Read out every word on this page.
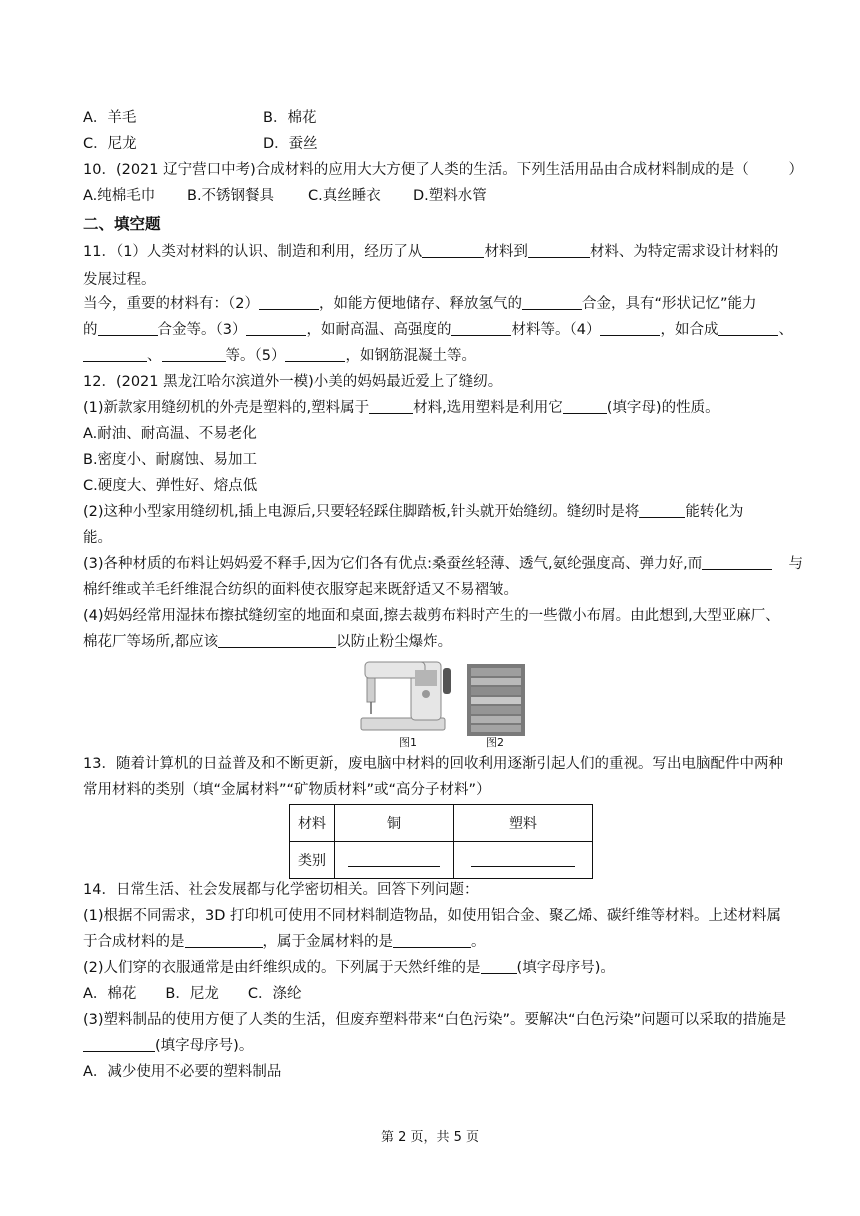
A．羊毛	B．棉花
C．尼龙	D．蚕丝
10．(2021 辽宁营口中考)合成材料的应用大大方便了人类的生活。下列生活用品由合成材料制成的是（	）
A.纯棉毛巾 B.不锈钢餐具 C.真丝睡衣 D.塑料水管
二、填空题
11．（1）人类对材料的认识、制造和利用，经历了从	材料到	材料、为特定需求设计材料的
发展过程。
当今，重要的材料有：（2）	，如能方便地储存、释放氢气的	合金，具有“形状记忆”能力
的	合金等。（3）	，如耐高温、高强度的	材料等。（4）	，如合成	、
、	等。（5）	，如钢筋混凝土等。
12．(2021 黑龙江哈尔滨道外一模)小美的妈妈最近爱上了缝纫。
(1)新款家用缝纫机的外壳是塑料的,塑料属于	材料,选用塑料是利用它	(填字母)的性质。
A.耐油、耐高温、不易老化
B.密度小、耐腐蚀、易加工
C.硬度大、弹性好、熔点低
(2)这种小型家用缝纫机,插上电源后,只要轻轻踩住脚踏板,针头就开始缝纫。缝纫时是将	能转化为
能。
(3)各种材质的布料让妈妈爱不释手,因为它们各有优点:桑蚕丝轻薄、透气,氨纶强度高、弹力好,而	与
棉纤维或羊毛纤维混合纺织的面料使衣服穿起来既舒适又不易褶皱。
(4)妈妈经常用湿抹布擦拭缝纫室的地面和桌面,擦去裁剪布料时产生的一些微小布屑。由此想到,大型亚麻厂、
棉花厂等场所,都应该	以防止粉尘爆炸。
图1	图2
13．随着计算机的日益普及和不断更新，废电脑中材料的回收利用逐渐引起人们的重视。写出电脑配件中两种
常用材料的类别（填“金属材料”“矿物质材料”或“高分子材料”）
材料	铜	塑料
类别		
14．日常生活、社会发展都与化学密切相关。回答下列问题：
(1)根据不同需求，3D 打印机可使用不同材料制造物品，如使用铝合金、聚乙烯、碳纤维等材料。上述材料属
于合成材料的是	，属于金属材料的是	。
(2)人们穿的衣服通常是由纤维织成的。下列属于天然纤维的是 (填字母序号)。
A．棉花　　B．尼龙　　C．涤纶
(3)塑料制品的使用方便了人类的生活，但废弃塑料带来“白色污染”。要解决“白色污染”问题可以采取的措施是
(填字母序号)。
A．减少使用不必要的塑料制品
第 2 页，共 5 页
